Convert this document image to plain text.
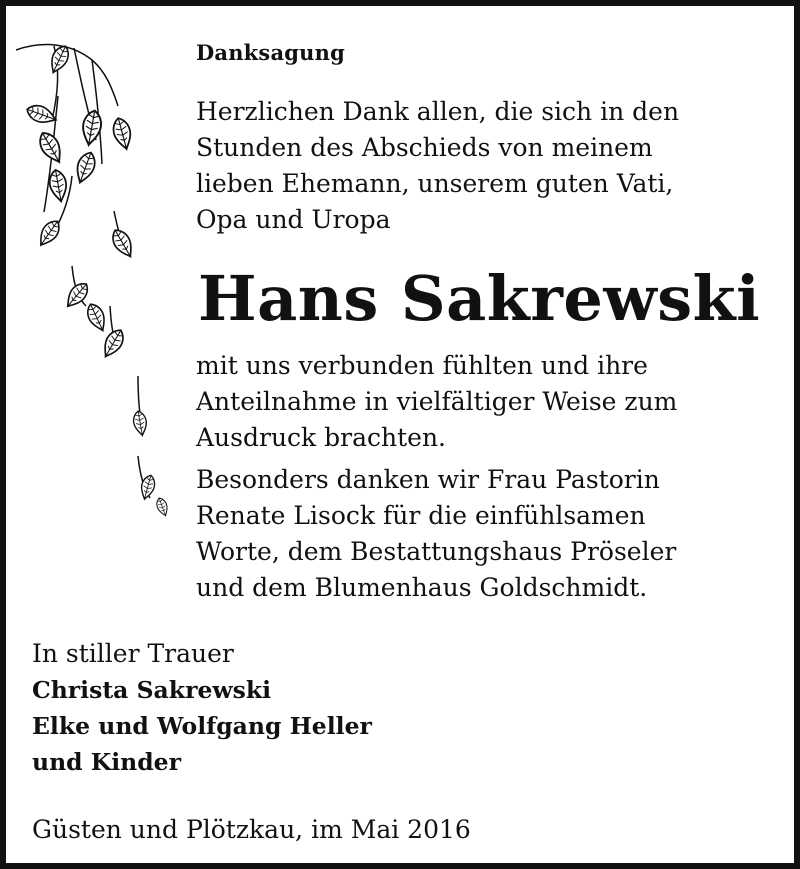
Danksagung

Herzlichen Dank allen, die sich in den
Stunden des Abschieds von meinem
lieben Ehemann, unserem guten Vati,
Opa und Uropa

Hans Sakrewski

mit uns verbunden fühlten und ihre
Anteilnahme in vielfältiger Weise zum
Ausdruck brachten.

Besonders danken wir Frau Pastorin
Renate Lisock für die einfühlsamen
Worte, dem Bestattungshaus Pröseler
und dem Blumenhaus Goldschmidt.

In stiller Trauer
Christa Sakrewski
Elke und Wolfgang Heller
und Kinder

Güsten und Plötzkau, im Mai 2016
